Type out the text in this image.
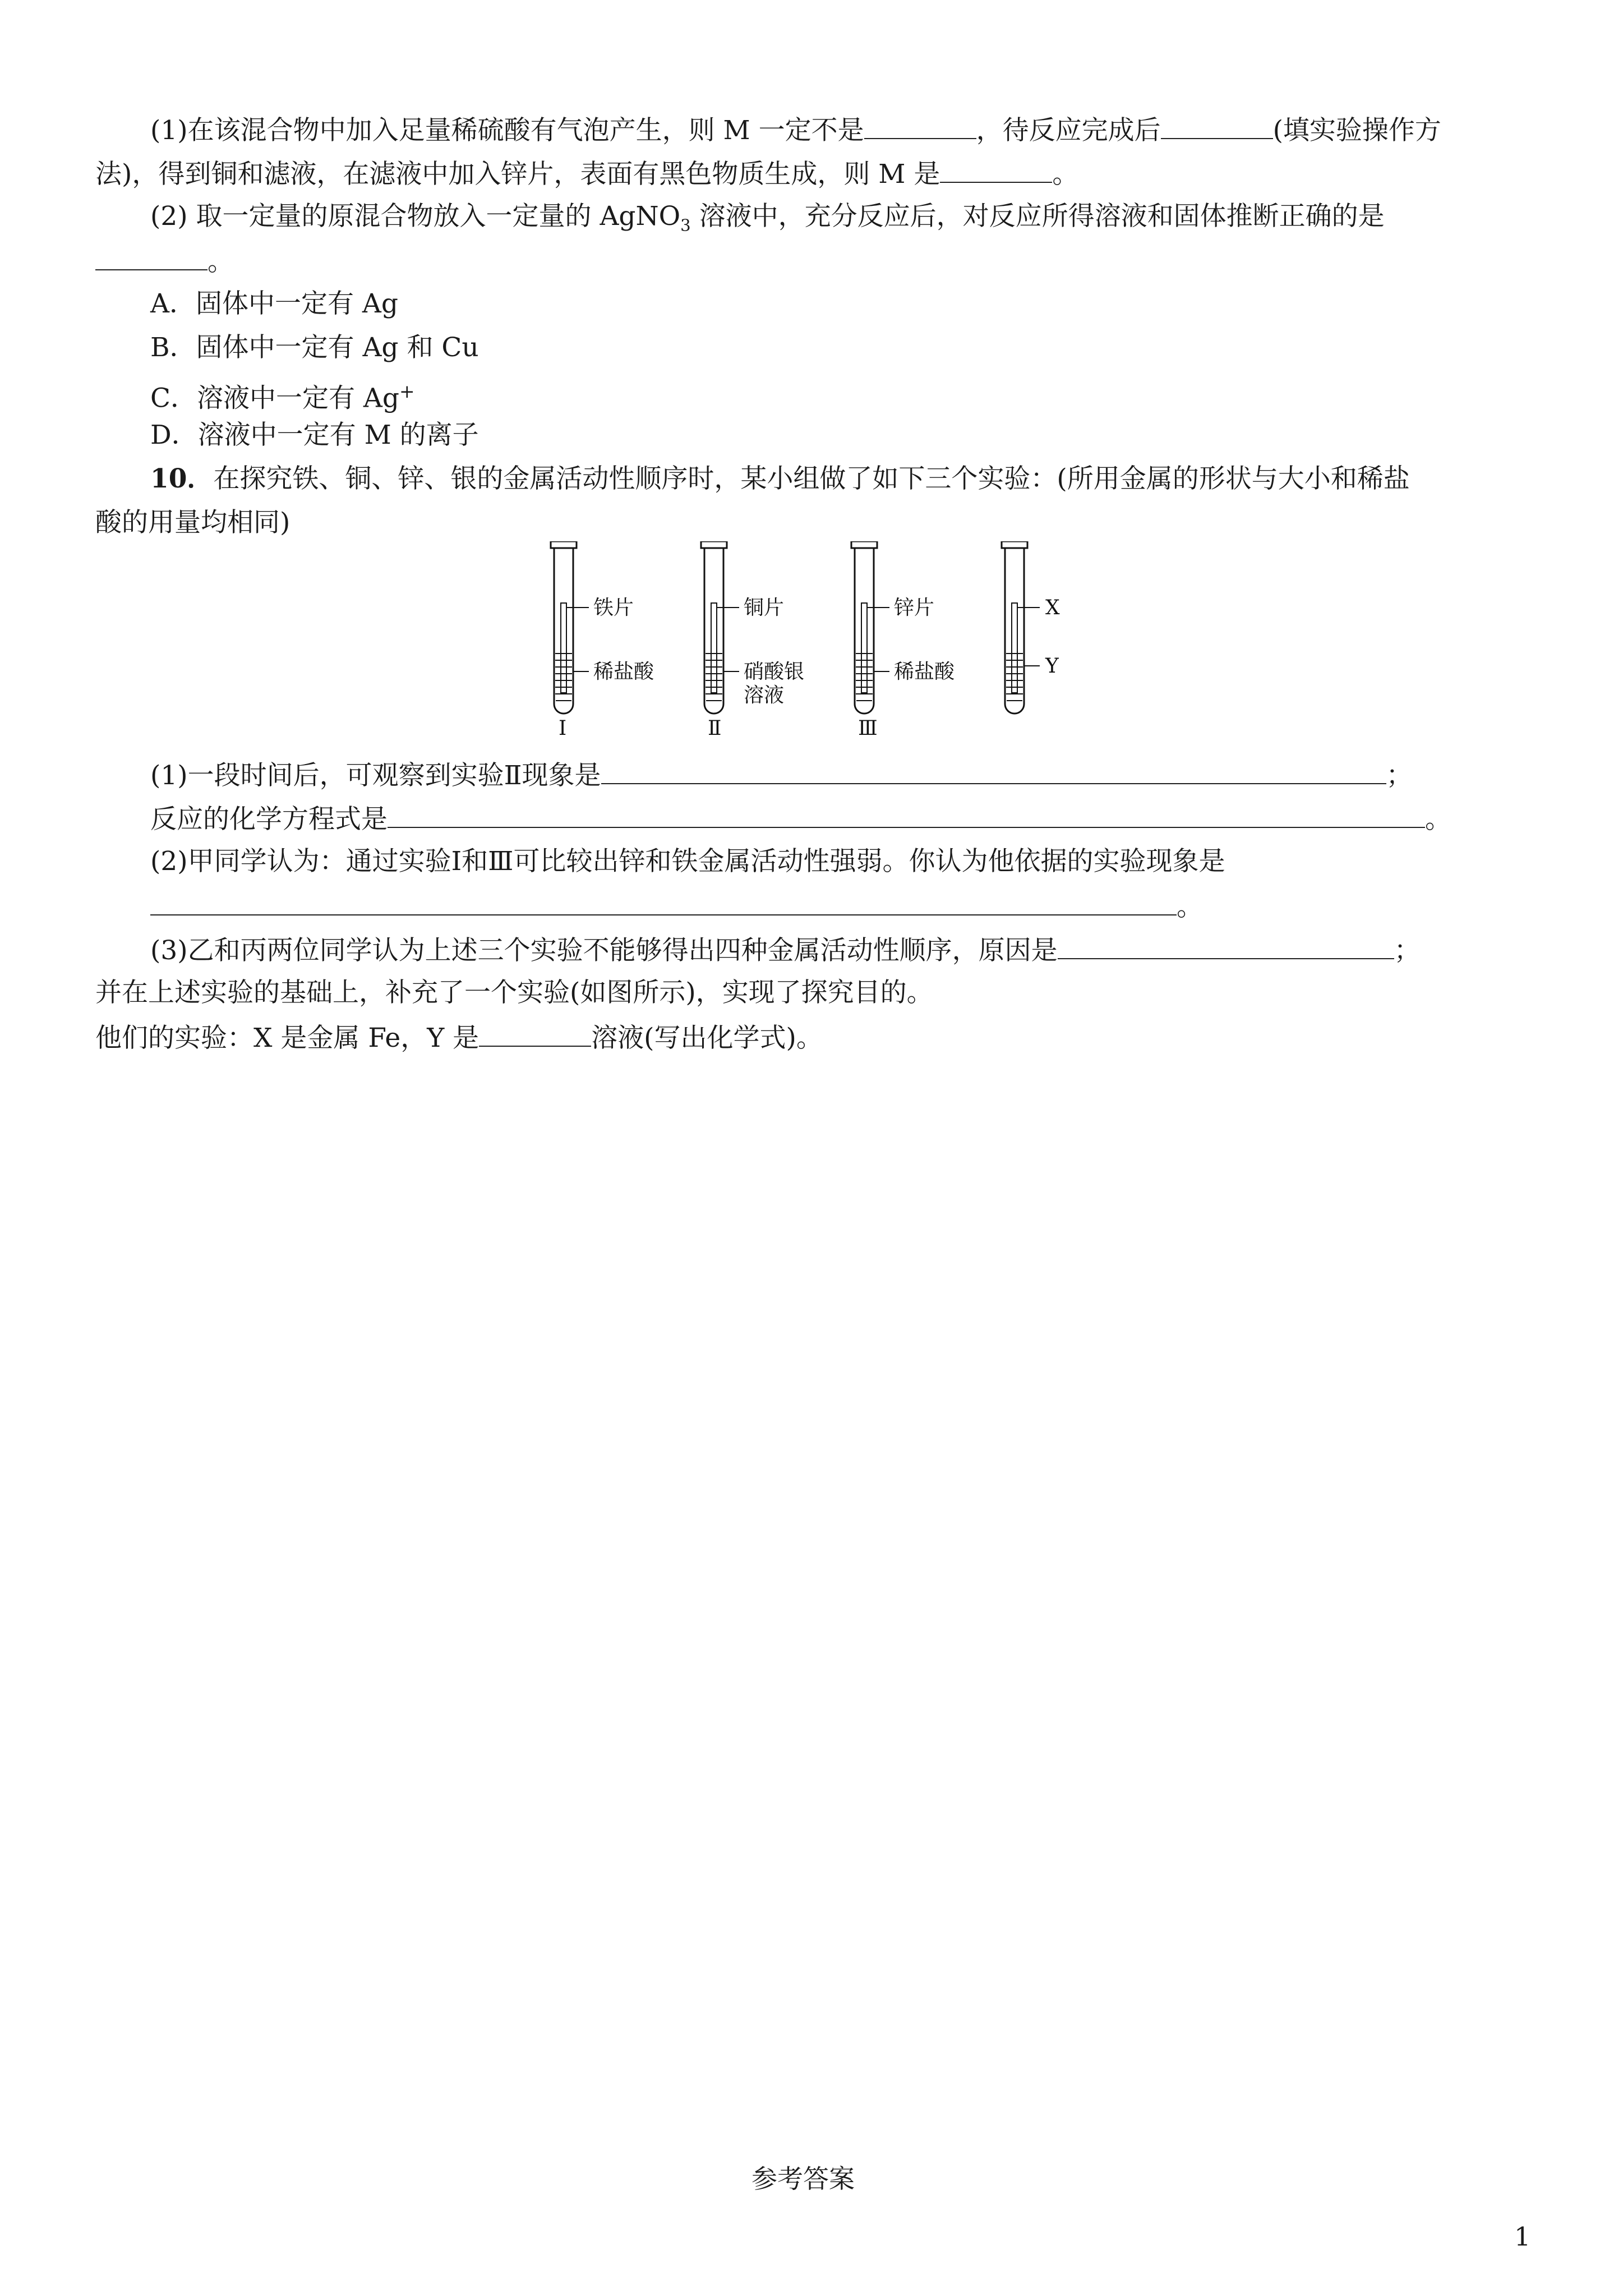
(1)在该混合物中加入足量稀硫酸有气泡产生，则 M 一定不是	，待反应完成后	(填实验操作方
法)，得到铜和滤液，在滤液中加入锌片，表面有黑色物质生成，则 M 是	。
(2) 取一定量的原混合物放入一定量的 AgNO$_3$ 溶液中，充分反应后，对反应所得溶液和固体推断正确的是
。
A．固体中一定有 Ag
B．固体中一定有 Ag 和 Cu
C．溶液中一定有 Ag+
D．溶液中一定有 M 的离子
10．在探究铁、铜、锌、银的金属活动性顺序时，某小组做了如下三个实验：(所用金属的形状与大小和稀盐
酸的用量均相同)
铁片
稀盐酸
Ⅰ
铜片
硝酸银
溶液
Ⅱ
锌片
稀盐酸
Ⅲ
X
Y
(1)一段时间后，可观察到实验Ⅱ现象是	；
反应的化学方程式是	。
(2)甲同学认为：通过实验Ⅰ和Ⅲ可比较出锌和铁金属活动性强弱。你认为他依据的实验现象是
。
(3)乙和丙两位同学认为上述三个实验不能够得出四种金属活动性顺序，原因是	；
并在上述实验的基础上，补充了一个实验(如图所示)，实现了探究目的。
他们的实验：X 是金属 Fe，Y 是	溶液(写出化学式)。
参考答案
1
